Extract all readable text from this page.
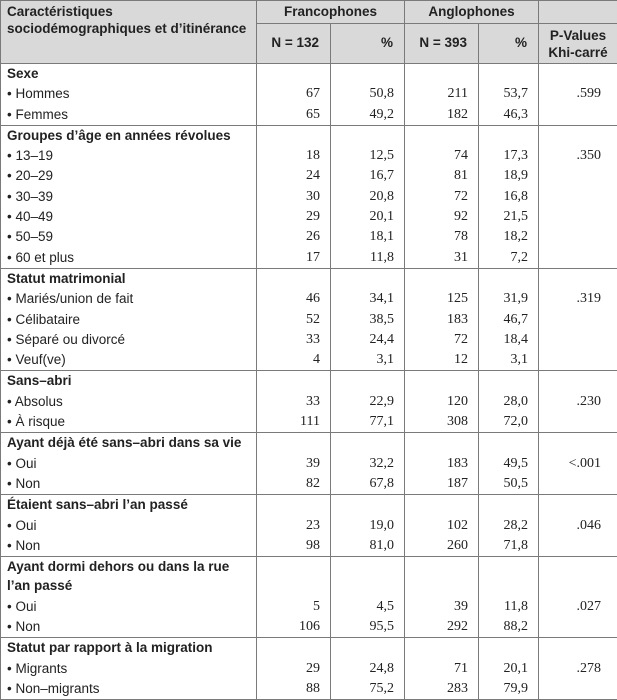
Caractéristiques sociodémographiques et d’itinérance	Francophones		Anglophones		
	N = 132	%	N = 393	%	P-Values Khi-carré
Sexe					
• Hommes	67	50,8	211	53,7	.599
• Femmes	65	49,2	182	46,3	
Groupes d’âge en années révolues					
• 13–19	18	12,5	74	17,3	.350
• 20–29	24	16,7	81	18,9	
• 30–39	30	20,8	72	16,8	
• 40–49	29	20,1	92	21,5	
• 50–59	26	18,1	78	18,2	
• 60 et plus	17	11,8	31	7,2	
Statut matrimonial					
• Mariés/union de fait	46	34,1	125	31,9	.319
• Célibataire	52	38,5	183	46,7	
• Séparé ou divorcé	33	24,4	72	18,4	
• Veuf(ve)	4	3,1	12	3,1	
Sans–abri					
• Absolus	33	22,9	120	28,0	.230
• À risque	111	77,1	308	72,0	
Ayant déjà été sans–abri dans sa vie					
• Oui	39	32,2	183	49,5	<.001
• Non	82	67,8	187	50,5	
Étaient sans–abri l’an passé					
• Oui	23	19,0	102	28,2	.046
• Non	98	81,0	260	71,8	
Ayant dormi dehors ou dans la rue l’an passé					
• Oui	5	4,5	39	11,8	.027
• Non	106	95,5	292	88,2	
Statut par rapport à la migration					
• Migrants	29	24,8	71	20,1	.278
• Non–migrants	88	75,2	283	79,9	
